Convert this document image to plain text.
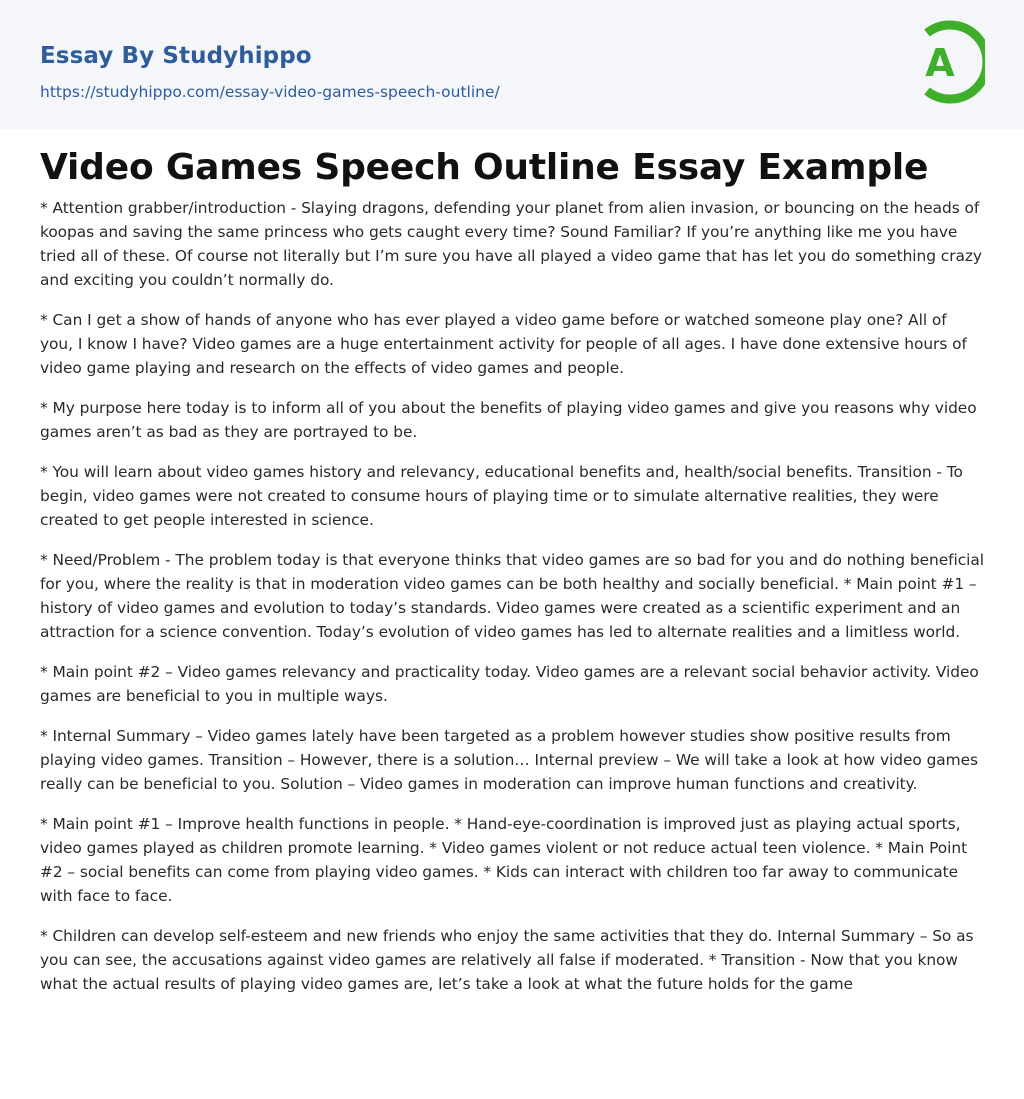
Essay By Studyhippo
https://studyhippo.com/essay-video-games-speech-outline/
A
Video Games Speech Outline Essay Example

* Attention grabber/introduction - Slaying dragons, defending your planet from alien invasion, or bouncing on the heads of koopas and saving the same princess who gets caught every time? Sound Familiar? If you’re anything like me you have tried all of these. Of course not literally but I’m sure you have all played a video game that has let you do something crazy and exciting you couldn’t normally do.

* Can I get a show of hands of anyone who has ever played a video game before or watched someone play one? All of you, I know I have? Video games are a huge entertainment activity for people of all ages. I have done extensive hours of video game playing and research on the effects of video games and people.

* My purpose here today is to inform all of you about the benefits of playing video games and give you reasons why video games aren’t as bad as they are portrayed to be.

* You will learn about video games history and relevancy, educational benefits and, health/social benefits. Transition - To begin, video games were not created to consume hours of playing time or to simulate alternative realities, they were created to get people interested in science.

* Need/Problem - The problem today is that everyone thinks that video games are so bad for you and do nothing beneficial for you, where the reality is that in moderation video games can be both healthy and socially beneficial. * Main point #1 – history of video games and evolution to today’s standards. Video games were created as a scientific experiment and an attraction for a science convention. Today’s evolution of video games has led to alternate realities and a limitless world.

* Main point #2 – Video games relevancy and practicality today. Video games are a relevant social behavior activity. Video games are beneficial to you in multiple ways.

* Internal Summary – Video games lately have been targeted as a problem however studies show positive results from playing video games. Transition – However, there is a solution… Internal preview – We will take a look at how video games really can be beneficial to you. Solution – Video games in moderation can improve human functions and creativity.

* Main point #1 – Improve health functions in people. * Hand-eye-coordination is improved just as playing actual sports, video games played as children promote learning. * Video games violent or not reduce actual teen violence. * Main Point #2 – social benefits can come from playing video games. * Kids can interact with children too far away to communicate with face to face.

* Children can develop self-esteem and new friends who enjoy the same activities that they do. Internal Summary – So as you can see, the accusations against video games are relatively all false if moderated. * Transition - Now that you know what the actual results of playing video games are, let’s take a look at what the future holds for the game
